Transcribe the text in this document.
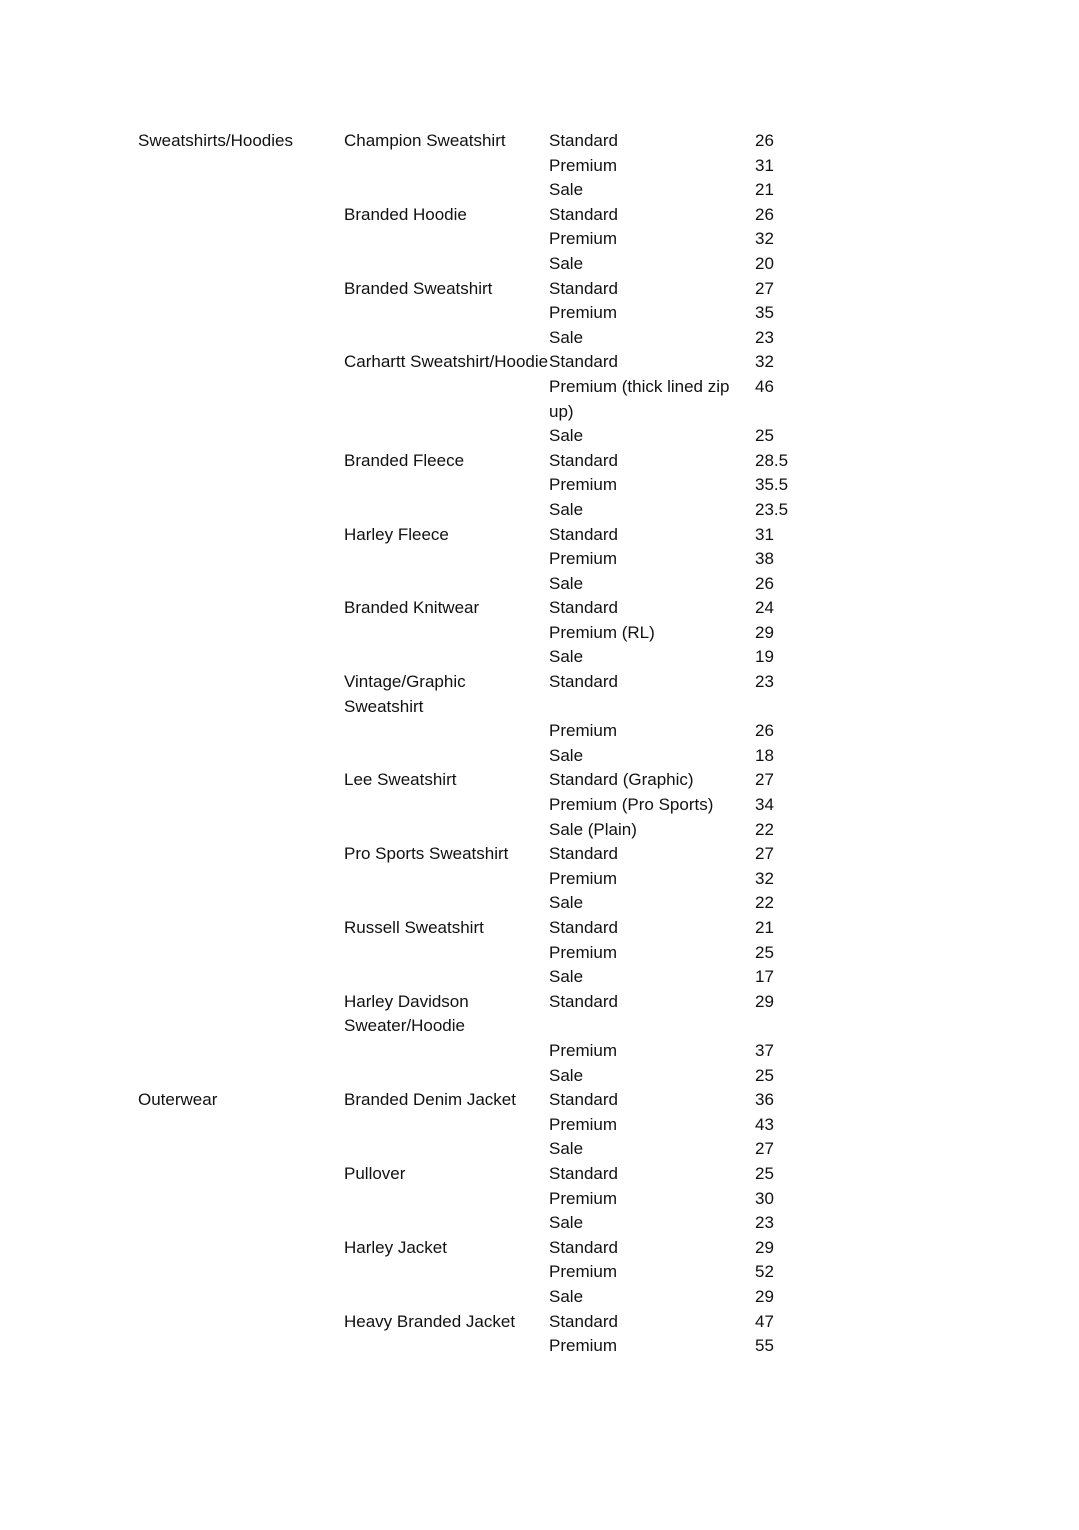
Sweatshirts/Hoodies	Champion Sweatshirt	Standard	26
		Premium	31
		Sale	21
	Branded Hoodie	Standard	26
		Premium	32
		Sale	20
	Branded Sweatshirt	Standard	27
		Premium	35
		Sale	23
	Carhartt Sweatshirt/Hoodie	Standard	32
		Premium (thick lined zip up)	46
		Sale	25
	Branded Fleece	Standard	28.5
		Premium	35.5
		Sale	23.5
	Harley Fleece	Standard	31
		Premium	38
		Sale	26
	Branded Knitwear	Standard	24
		Premium (RL)	29
		Sale	19
	Vintage/Graphic Sweatshirt	Standard	23
		Premium	26
		Sale	18
	Lee Sweatshirt	Standard (Graphic)	27
		Premium (Pro Sports)	34
		Sale (Plain)	22
	Pro Sports Sweatshirt	Standard	27
		Premium	32
		Sale	22
	Russell Sweatshirt	Standard	21
		Premium	25
		Sale	17
	Harley Davidson Sweater/Hoodie	Standard	29
		Premium	37
		Sale	25
Outerwear	Branded Denim Jacket	Standard	36
		Premium	43
		Sale	27
	Pullover	Standard	25
		Premium	30
		Sale	23
	Harley Jacket	Standard	29
		Premium	52
		Sale	29
	Heavy Branded Jacket	Standard	47
		Premium	55
